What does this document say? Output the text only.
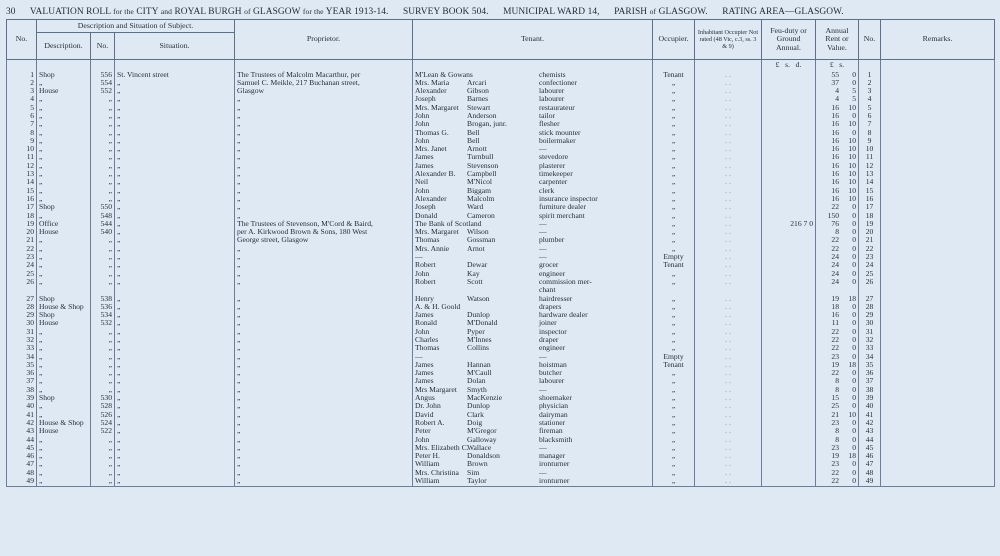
30 VALUATION ROLL for the CITY and ROYAL BURGH of GLASGOW for the YEAR 1913-14. SURVEY BOOK 504. MUNICIPAL WARD 14, PARISH of GLASGOW. RATING AREA—GLASGOW.
No.	Description and Situation of Subject.			Proprietor.	Tenant.	Occupier.	Inhabitant Occupier Not rated (48 Vic, c.3, ss. 3 & 9)	Feu-duty or Ground Annual.	Annual Rent or Value.	No.	Remarks.
	Description.	No.	Situation.								
								£   s.   d.	£   s.		
1	Shop	556	St. Vincent street	The Trustees of Malcolm Macarthur, per	M'Lean & Gowans chemists	Tenant	. .		55 0	1	
2	„	554	„	Samuel C. Meikle, 217 Buchanan street,	Mrs. Maria Arcari confectioner	„	. .		37 0	2	
3	House	552	„	Glasgow	Alexander Gibson labourer	„	. .		4 5	3	
4	„	„	„	„	Joseph Barnes labourer	„	. .		4 5	4	
5	„	„	„	„	Mrs. Margaret Stewart restaurateur	„	. .		16 10	5	
6	„	„	„	„	John Anderson tailor	„	. .		16 0	6	
7	„	„	„	„	John Brogan, junr. flesher	„	. .		16 10	7	
8	„	„	„	„	Thomas G. Bell stick mounter	„	. .		16 0	8	
9	„	„	„	„	John Bell boilermaker	„	. .		16 10	9	
10	„	„	„	„	Mrs. Janet Arnott —	„	. .		16 10	10	
11	„	„	„	„	James Turnbull stevedore	„	. .		16 10	11	
12	„	„	„	„	James Stevenson plasterer	„	. .		16 10	12	
13	„	„	„	„	Alexander B. Campbell timekeeper	„	. .		16 10	13	
14	„	„	„	„	Neil M'Nicol carpenter	„	. .		16 10	14	
15	„	„	„	„	John Biggam clerk	„	. .		16 10	15	
16	„	„	„	„	Alexander Malcolm insurance inspector	„	. .		16 10	16	
17	Shop	550	„	„	Joseph Ward furniture dealer	„	. .		22 0	17	
18	„	548	„	„	Donald Cameron spirit merchant	„	. .		150 0	18	
19	Office	544	„	The Trustees of Stevenson, M'Cord & Baird,	The Bank of Scotland —	„	. .	216 7 0	76 0	19	
20	House	540	„	per A. Kirkwood Brown & Sons, 180 West	Mrs. Margaret Wilson —	„	. .		8 0	20	
21	„	„	„	George street, Glasgow	Thomas Gossman plumber	„	. .		22 0	21	
22	„	„	„	„	Mrs. Annie Arnot —	„	. .		22 0	22	
23	„	„	„	„	— —	Empty	. .		24 0	23	
24	„	„	„	„	Robert Dewar grocer	Tenant	. .		24 0	24	
25	„	„	„	„	John Kay engineer	„	. .		24 0	25	
26	„	„	„	„	Robert Scott commission mer-	„	. .		24 0	26	
					chant						
27	Shop	538	„	„	Henry Watson hairdresser	„	. .		19 18	27	
28	House & Shop	536	„	„	A. & H. Goold drapers	„	. .		18 0	28	
29	Shop	534	„	„	James Dunlop hardware dealer	„	. .		16 0	29	
30	House	532	„	„	Ronald M'Donald joiner	„	. .		11 0	30	
31	„	„	„	„	John Pyper inspector	„	. .		22 0	31	
32	„	„	„	„	Charles M'Innes draper	„	. .		22 0	32	
33	„	„	„	„	Thomas Collins engineer	„	. .		22 0	33	
34	„	„	„	„	— —	Empty	. .		23 0	34	
35	„	„	„	„	James Hannan hoistman	Tenant	. .		19 18	35	
36	„	„	„	„	James M'Caull butcher	„	. .		22 0	36	
37	„	„	„	„	James Dolan labourer	„	. .		8 0	37	
38	„	„	„	„	Mrs Margaret Smyth —	„	. .		8 0	38	
39	Shop	530	„	„	Angus MacKenzie shoemaker	„	. .		15 0	39	
40	„	528	„	„	Dr. John Dunlop physician	„	. .		25 0	40	
41	„	526	„	„	David Clark dairyman	„	. .		21 10	41	
42	House & Shop	524	„	„	Robert A. Doig stationer	„	. .		23 0	42	
43	House	522	„	„	Peter M'Gregor fireman	„	. .		8 0	43	
44	„	„	„	„	John Galloway blacksmith	„	. .		8 0	44	
45	„	„	„	„	Mrs. Elizabeth C.Wallace —	„	. .		23 0	45	
46	„	„	„	„	Peter H. Donaldson manager	„	. .		19 18	46	
47	„	„	„	„	William Brown ironturner	„	. .		23 0	47	
48	„	„	„	„	Mrs. Christina Sim —	„	. .		22 0	48	
49	„	„	„	„	William Taylor ironturner	„	. .		22 0	49	
